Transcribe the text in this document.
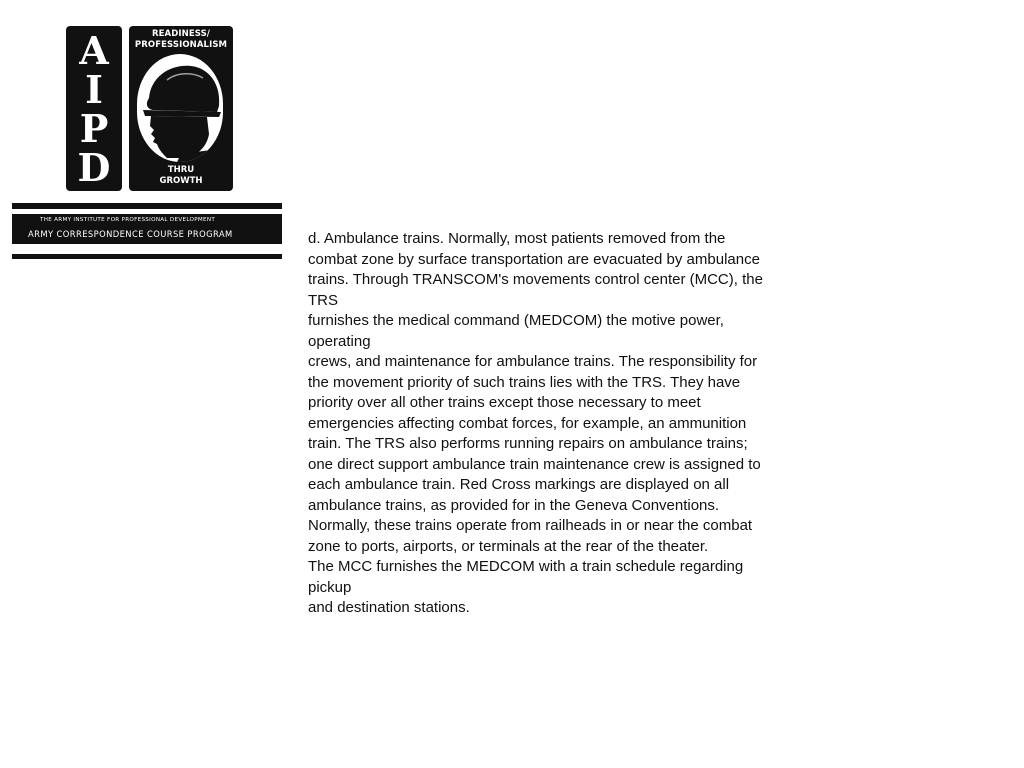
A
I
P
D
READINESS/
PROFESSIONALISM
THRU
GROWTH
THE ARMY INSTITUTE FOR PROFESSIONAL DEVELOPMENT
ARMY CORRESPONDENCE COURSE PROGRAM	d. Ambulance trains. Normally, most patients removed from the
combat zone by surface transportation are evacuated by ambulance
trains. Through TRANSCOM's movements control center (MCC), the
TRS
furnishes the medical command (MEDCOM) the motive power,
operating
crews, and maintenance for ambulance trains. The responsibility for
the movement priority of such trains lies with the TRS. They have
priority over all other trains except those necessary to meet
emergencies affecting combat forces, for example, an ammunition
train. The TRS also performs running repairs on ambulance trains;
one direct support ambulance train maintenance crew is assigned to
each ambulance train. Red Cross markings are displayed on all
ambulance trains, as provided for in the Geneva Conventions.
Normally, these trains operate from railheads in or near the combat
zone to ports, airports, or terminals at the rear of the theater.
The MCC furnishes the MEDCOM with a train schedule regarding
pickup
and destination stations.
